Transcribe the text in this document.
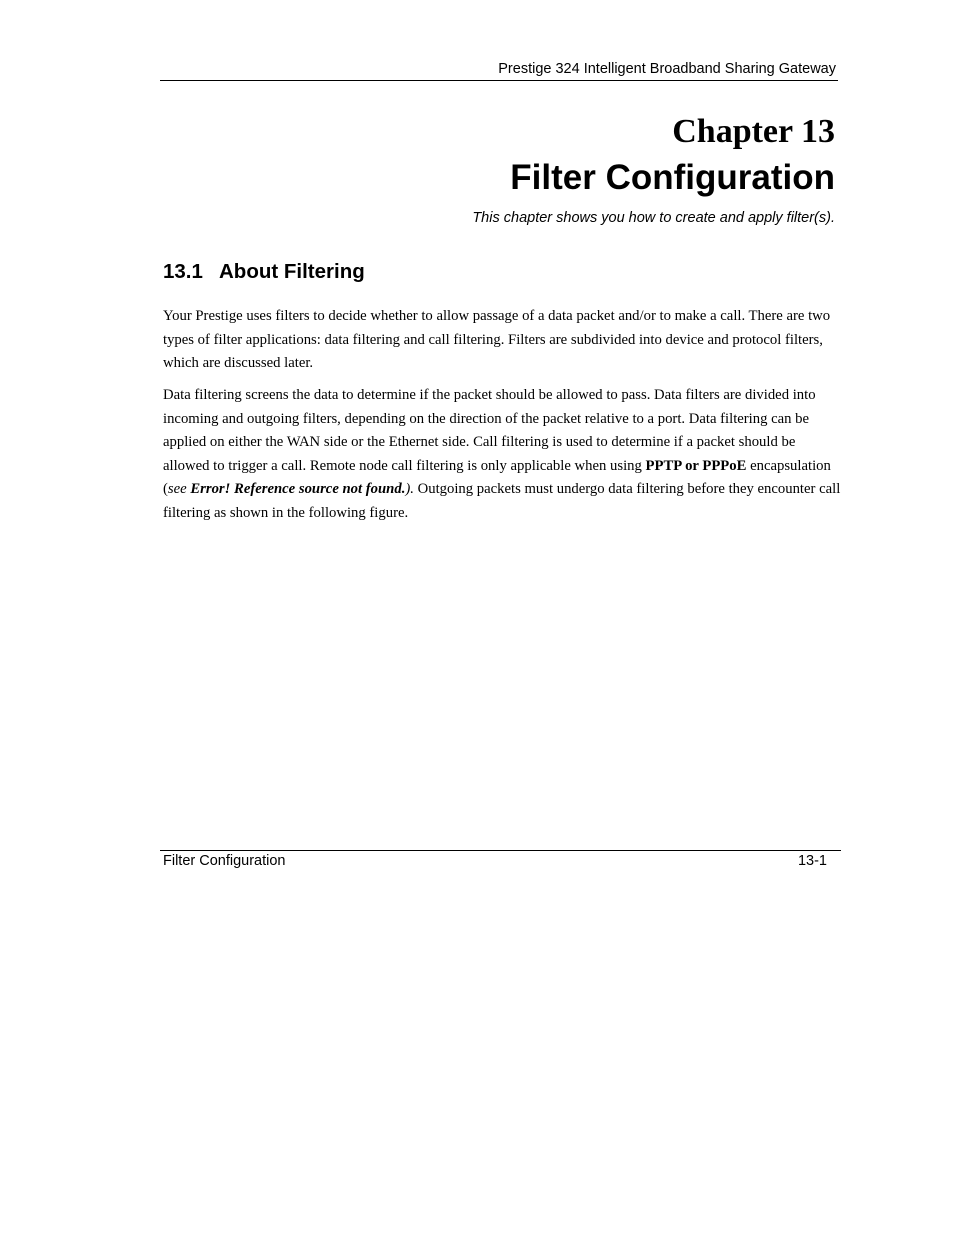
Prestige 324 Intelligent Broadband Sharing Gateway
Chapter 13
Filter Configuration
This chapter shows you how to create and apply filter(s).
13.1 About Filtering

Your Prestige uses filters to decide whether to allow passage of a data packet and/or to make a call. There are two types of filter applications: data filtering and call filtering. Filters are subdivided into device and protocol filters, which are discussed later.

Data filtering screens the data to determine if the packet should be allowed to pass. Data filters are divided into incoming and outgoing filters, depending on the direction of the packet relative to a port. Data filtering can be applied on either the WAN side or the Ethernet side. Call filtering is used to determine if a packet should be allowed to trigger a call. Remote node call filtering is only applicable when using PPTP or PPPoE encapsulation (see Error! Reference source not found.). Outgoing packets must undergo data filtering before they encounter call filtering as shown in the following figure.

Filter Configuration	13-1
